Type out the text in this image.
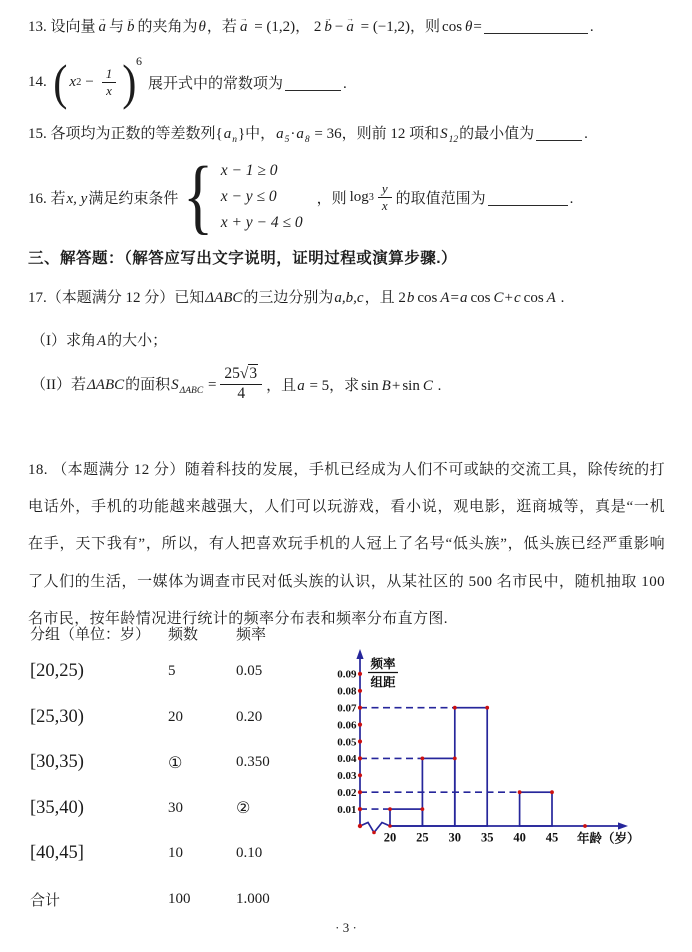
13. 设向量 a → 与 b → 的夹角为θ，若 a → = (1,2)， 2 b → − a → = (−1,2)，则 cos θ=	.
14. ( x $2 - \frac{1}{x}$ ) 6
展开式中的常数项为	.
15. 各项均为正数的等差数列$\{a_n\}$中，$a_5\cdot a_8 = 36$，则前 12 项和$S_{12}$的最小值为	.
16. 若x, y满足约束条件 { x − 1 ≥ 0
x − y ≤ 0
x + y − 4 ≤ 0
，则 $\log 3 \frac{y}{x}$ 的取值范围为	.
三、解答题：（解答应写出文字说明，证明过程或演算步骤.）
17.（本题满分 12 分）已知ΔABC的三边分别为a,b,c，且 2b cos A=a cos C+c cos A .
（I）求角A的大小；
（II）若ΔABC的面积$S_{\Delta ABC} = \frac{25√3}{4}$ ，且a = 5，求 sin B+ sin C .
18. （本题满分 12 分）随着科技的发展，手机已经成为人们不可或缺的交流工具，除传统的打电话外，手机的功能越来越强大，人们可以玩游戏，看小说，观电影，逛商城等，真是“一机在手，天下我有”，所以，有人把喜欢玩手机的人冠上了名号“低头族”，低头族已经严重影响了人们的生活，一媒体为调查市民对低头族的认识，从某社区的 500 名市民中，随机抽取 100 名市民，按年龄情况进行统计的频率分布表和频率分布直方图.
分组（单位：岁）	频数	频率
[20,25)	5	0.05
[25,30)	20	0.20
[30,35)	①	0.350
[35,40)	30	②
[40,45]	10	0.10
合计	100	1.000
0.01
0.02
0.03
0.04
0.05
0.06
0.07
0.08
0.09
20 25 30 35 40 45
频率
组距
年龄（岁）
· 3 ·
